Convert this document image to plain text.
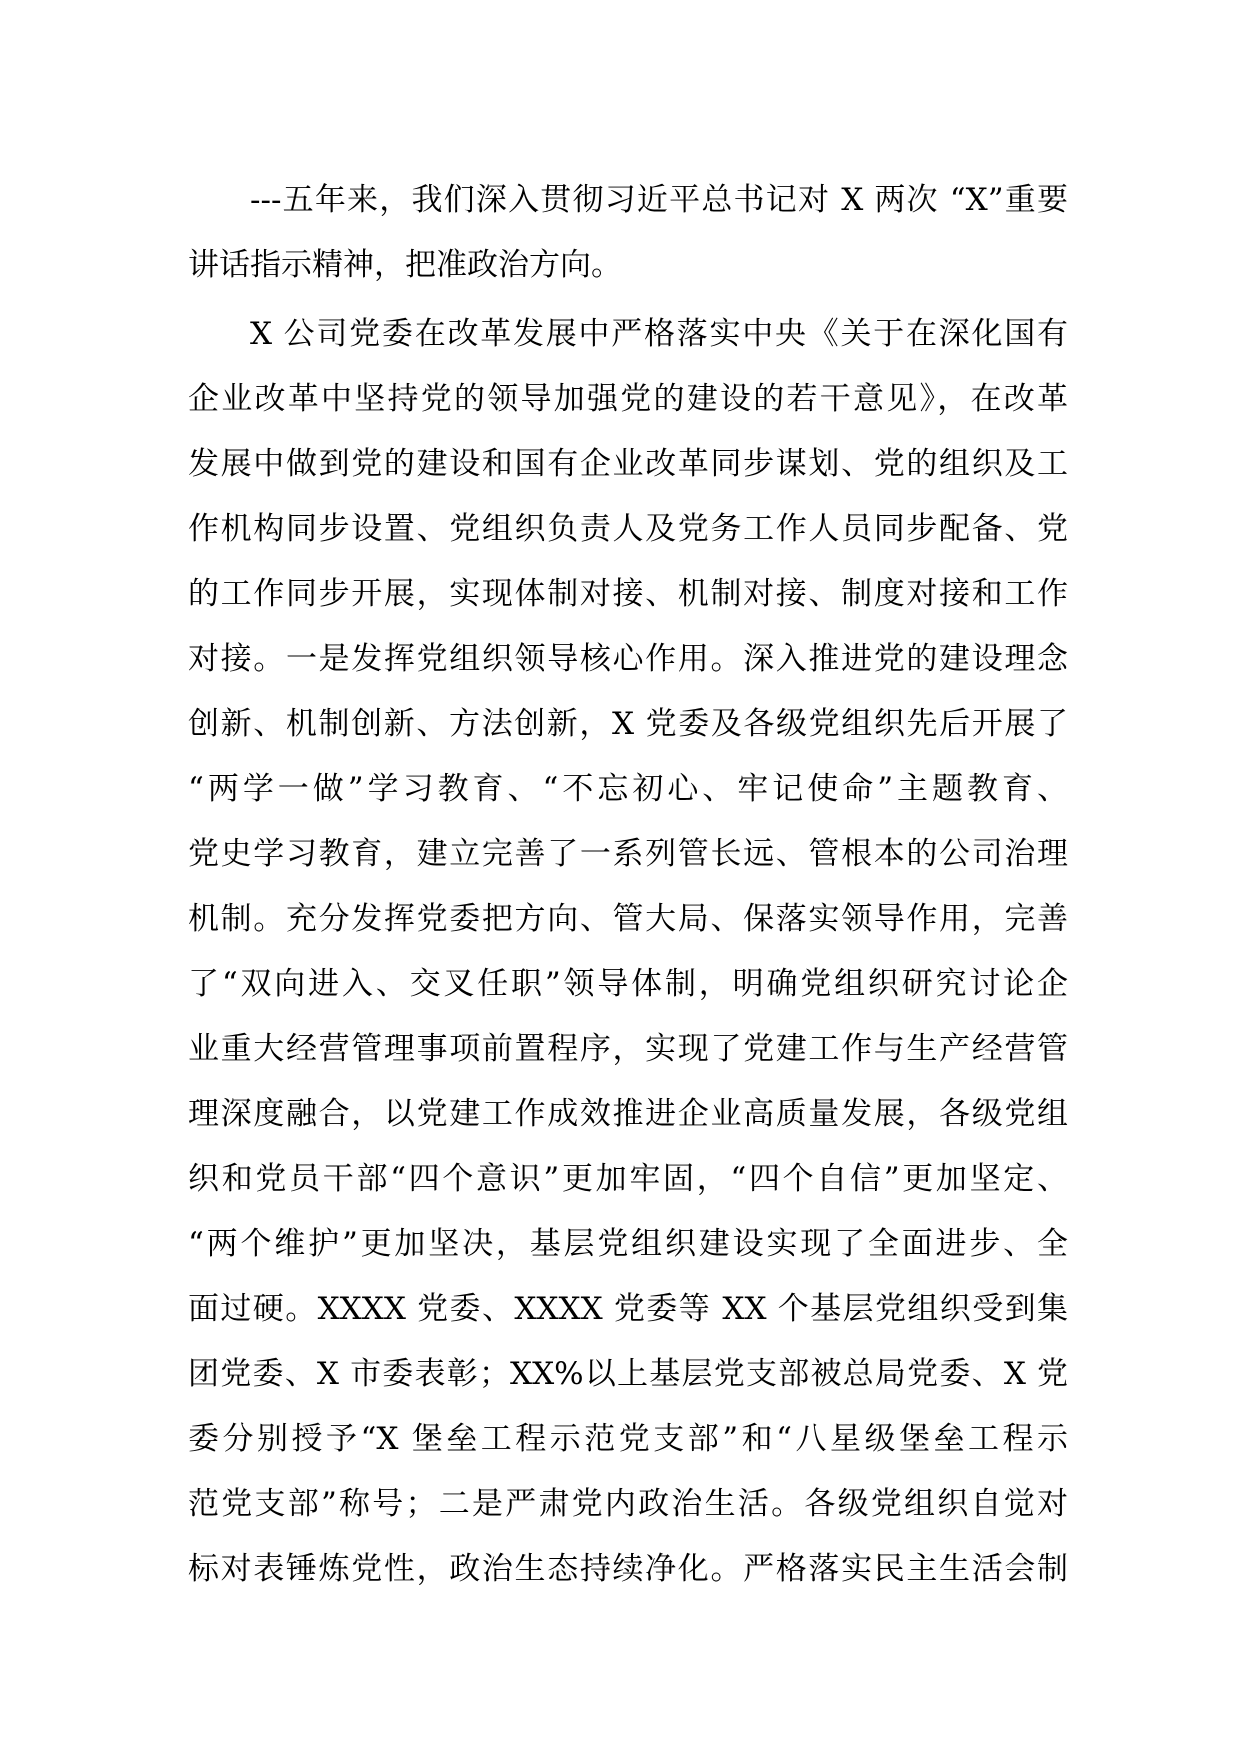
---五年来，我们深入贯彻习近平总书记对 X 两次 “X”重要
讲话指示精神，把准政治方向。
X 公司党委在改革发展中严格落实中央《关于在深化国有
企业改革中坚持党的领导加强党的建设的若干意见》，在改革
发展中做到党的建设和国有企业改革同步谋划、党的组织及工
作机构同步设置、党组织负责人及党务工作人员同步配备、党
的工作同步开展，实现体制对接、机制对接、制度对接和工作
对接。一是发挥党组织领导核心作用。深入推进党的建设理念
创新、机制创新、方法创新，X 党委及各级党组织先后开展了
“两学一做”学习教育、“不忘初心、牢记使命”主题教育、
党史学习教育，建立完善了一系列管长远、管根本的公司治理
机制。充分发挥党委把方向、管大局、保落实领导作用，完善
了“双向进入、交叉任职”领导体制，明确党组织研究讨论企
业重大经营管理事项前置程序，实现了党建工作与生产经营管
理深度融合，以党建工作成效推进企业高质量发展，各级党组
织和党员干部“四个意识”更加牢固，“四个自信”更加坚定、
“两个维护”更加坚决，基层党组织建设实现了全面进步、全
面过硬。XXXX 党委、XXXX 党委等 XX 个基层党组织受到集
团党委、X 市委表彰；XX%以上基层党支部被总局党委、X 党
委分别授予“X 堡垒工程示范党支部”和“八星级堡垒工程示
范党支部”称号；二是严肃党内政治生活。各级党组织自觉对
标对表锤炼党性，政治生态持续净化。严格落实民主生活会制
